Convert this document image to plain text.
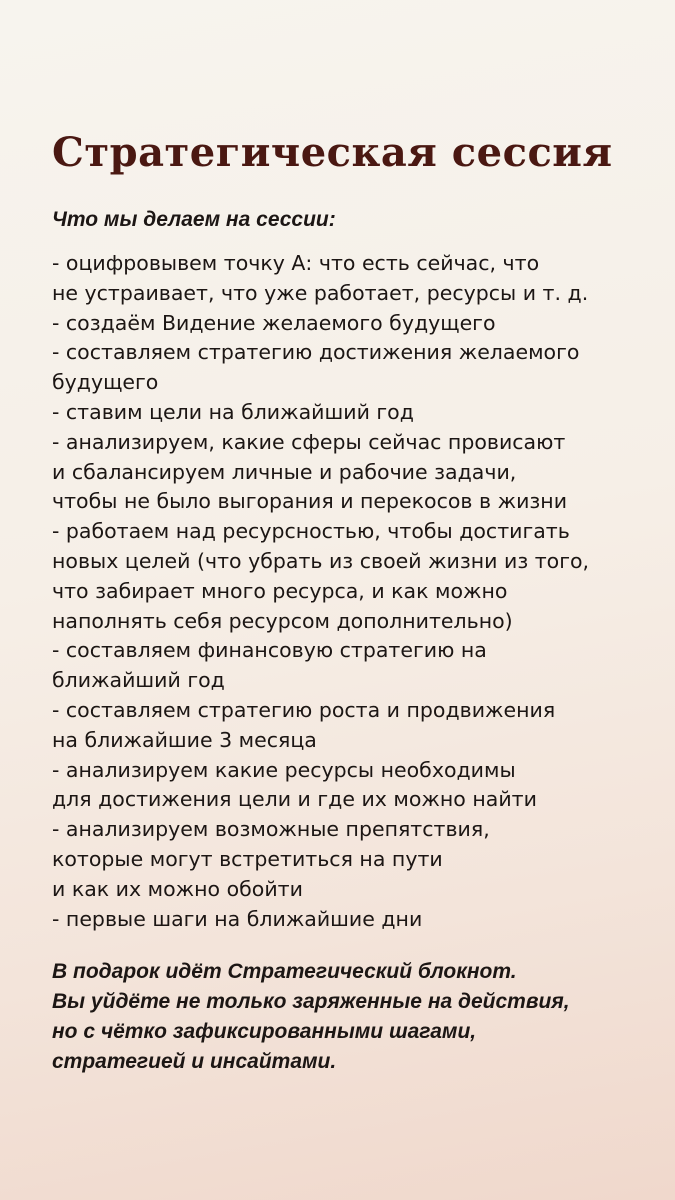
Стратегическая сессия

Что мы делаем на сессии:

- оцифровывем точку А: что есть сейчас, что
не устраивает, что уже работает, ресурсы и т. д.
- создаём Видение желаемого будущего
- составляем стратегию достижения желаемого
будущего
- ставим цели на ближайший год
- анализируем, какие сферы сейчас провисают
и сбалансируем личные и рабочие задачи,
чтобы не было выгорания и перекосов в жизни
- работаем над ресурсностью, чтобы достигать
новых целей (что убрать из своей жизни из того,
что забирает много ресурса, и как можно
наполнять себя ресурсом дополнительно)
- составляем финансовую стратегию на
ближайший год
- составляем стратегию роста и продвижения
на ближайшие 3 месяца
- анализируем какие ресурсы необходимы
для достижения цели и где их можно найти
- анализируем возможные препятствия,
которые могут встретиться на пути
и как их можно обойти
- первые шаги на ближайшие дни
В подарок идёт Стратегический блокнот.
Вы уйдёте не только заряженные на действия,
но с чётко зафиксированными шагами,
стратегией и инсайтами.
